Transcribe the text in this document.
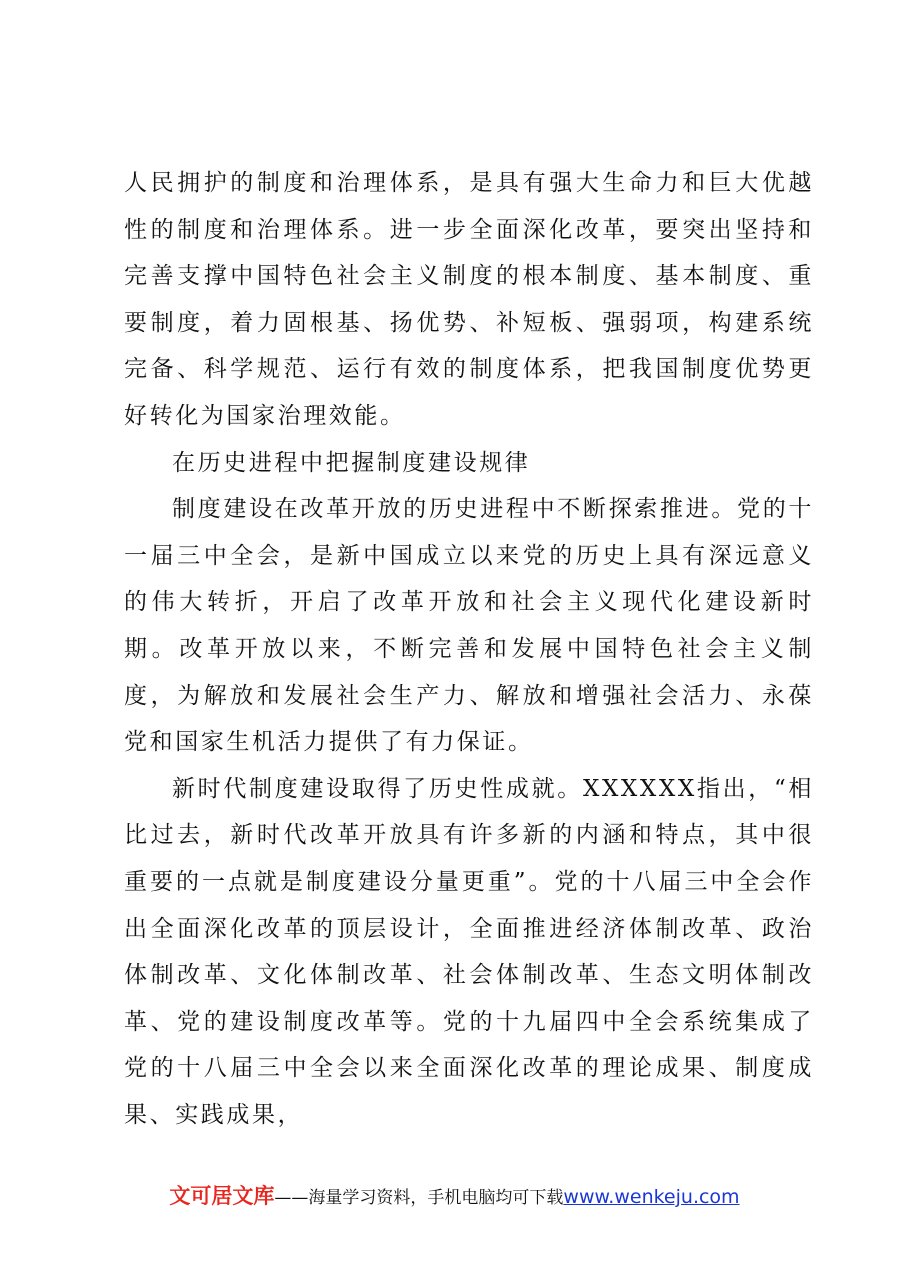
人民拥护的制度和治理体系，是具有强大生命力和巨大优越性的制度和治理体系。进一步全面深化改革，要突出坚持和完善支撑中国特色社会主义制度的根本制度、基本制度、重要制度，着力固根基、扬优势、补短板、强弱项，构建系统完备、科学规范、运行有效的制度体系，把我国制度优势更好转化为国家治理效能。

在历史进程中把握制度建设规律

制度建设在改革开放的历史进程中不断探索推进。党的十一届三中全会，是新中国成立以来党的历史上具有深远意义的伟大转折，开启了改革开放和社会主义现代化建设新时期。改革开放以来，不断完善和发展中国特色社会主义制度，为解放和发展社会生产力、解放和增强社会活力、永葆党和国家生机活力提供了有力保证。

新时代制度建设取得了历史性成就。XXXXXX指出，“相比过去，新时代改革开放具有许多新的内涵和特点，其中很重要的一点就是制度建设分量更重”。党的十八届三中全会作出全面深化改革的顶层设计，全面推进经济体制改革、政治体制改革、文化体制改革、社会体制改革、生态文明体制改革、党的建设制度改革等。党的十九届四中全会系统集成了党的十八届三中全会以来全面深化改革的理论成果、制度成果、实践成果，

文可居文库——海量学习资料，手机电脑均可下载www.wenkeju.com
